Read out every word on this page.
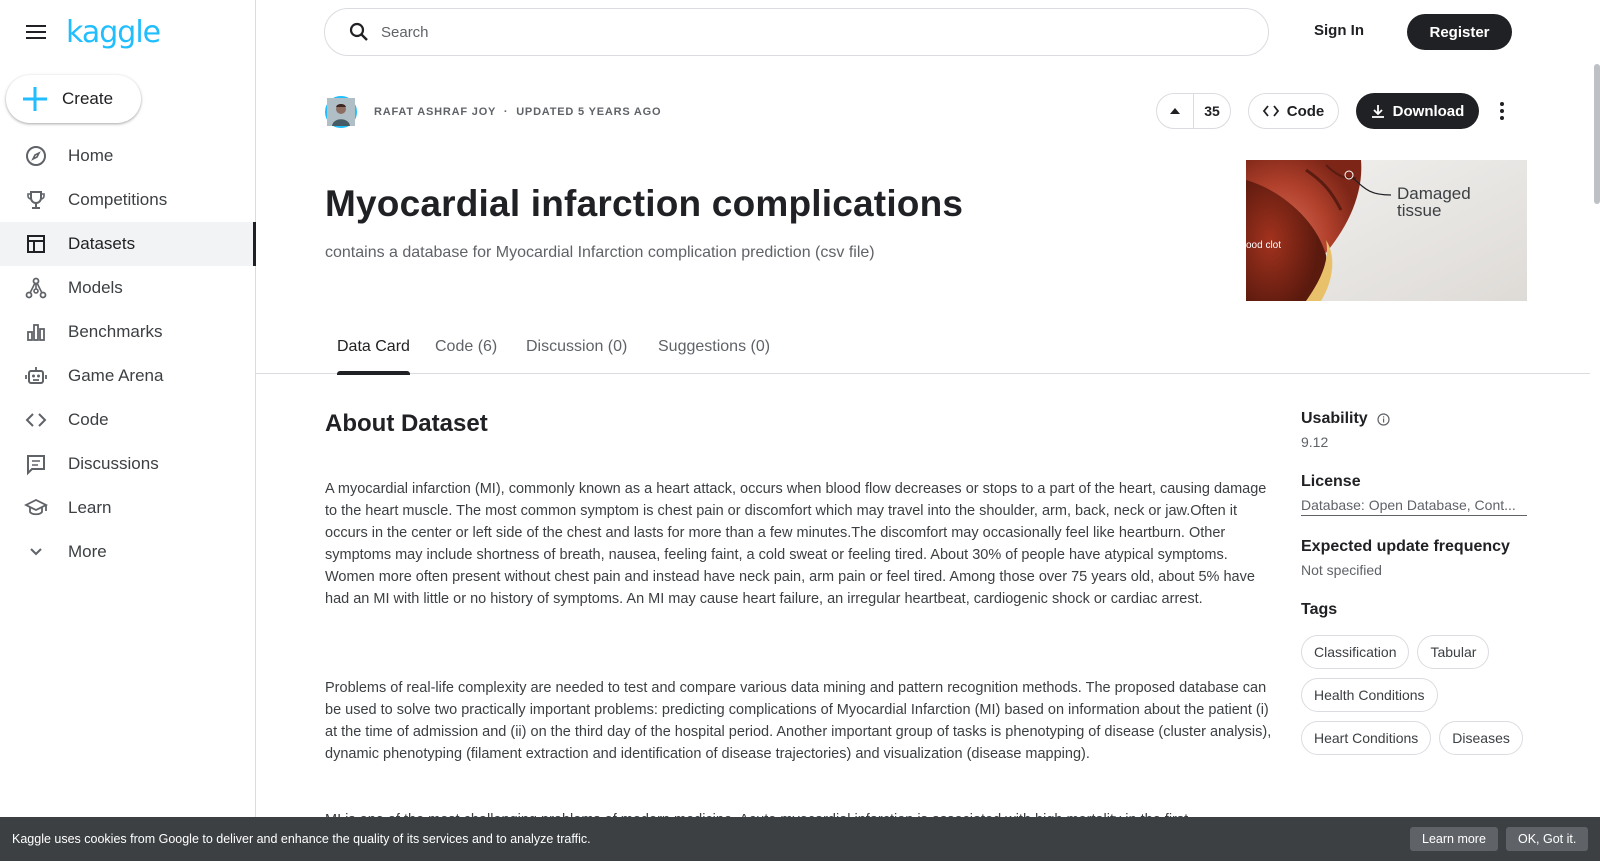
kaggle
Create
Home
Competitions
Datasets
Models
Benchmarks
Game Arena
Code
Discussions
Learn
More
Search
Sign In	Register
RAFAT ASHRAF JOY · UPDATED 5 YEARS AGO	35	Code	Download
Myocardial infarction complications
contains a database for Myocardial Infarction complication prediction (csv file)
Damaged
tissue
ood clot
Data Card Code (6) Discussion (0) Suggestions (0)
About Dataset

A myocardial infarction (MI), commonly known as a heart attack, occurs when blood flow decreases or stops to a part of the heart, causing damage to the heart muscle. The most common symptom is chest pain or discomfort which may travel into the shoulder, arm, back, neck or jaw.Often it occurs in the center or left side of the chest and lasts for more than a few minutes.The discomfort may occasionally feel like heartburn. Other symptoms may include shortness of breath, nausea, feeling faint, a cold sweat or feeling tired. About 30% of people have atypical symptoms. Women more often present without chest pain and instead have neck pain, arm pain or feel tired. Among those over 75 years old, about 5% have had an MI with little or no history of symptoms. An MI may cause heart failure, an irregular heartbeat, cardiogenic shock or cardiac arrest.

Problems of real-life complexity are needed to test and compare various data mining and pattern recognition methods. The proposed database can be used to solve two practically important problems: predicting complications of Myocardial Infarction (MI) based on information about the patient (i) at the time of admission and (ii) on the third day of the hospital period. Another important group of tasks is phenotyping of disease (cluster analysis), dynamic phenotyping (filament extraction and identification of disease trajectories) and visualization (disease mapping).

Usability
9.12
License
Database: Open Database, Cont...
Expected update frequency
Not specified
Tags
Classification	Tabular
Health Conditions
Heart Conditions	Diseases
Kaggle uses cookies from Google to deliver and enhance the quality of its services and to analyze traffic.	Learn more	OK, Got it.
